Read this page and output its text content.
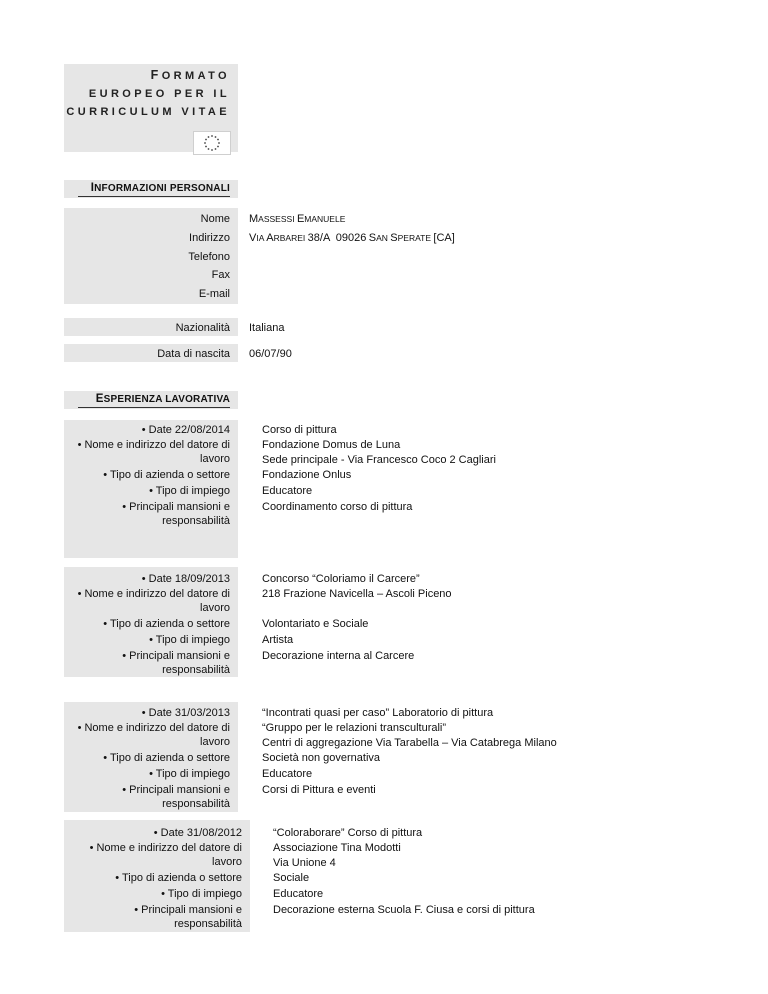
FORMATO
EUROPEO PER IL
CURRICULUM VITAE
INFORMAZIONI PERSONALI
Nome
Indirizzo
Telefono
Fax
E-mail
MASSESSI EMANUELE
VIA ARBAREI 38/A  09026 SAN SPERATE [CA]
Nazionalità Italiana
Data di nascita 06/07/90
ESPERIENZA LAVORATIVA
• Date 22/08/2014
• Nome e indirizzo del datore di
lavoro
• Tipo di azienda o settore
• Tipo di impiego
• Principali mansioni e
responsabilità
Corso di pittura
Fondazione Domus de Luna
Sede principale - Via Francesco Coco 2 Cagliari
Fondazione Onlus
Educatore
Coordinamento corso di pittura
• Date 18/09/2013
• Nome e indirizzo del datore di
lavoro
• Tipo di azienda o settore
• Tipo di impiego
• Principali mansioni e
responsabilità
Concorso “Coloriamo il Carcere”
218 Frazione Navicella – Ascoli Piceno
Volontariato e Sociale
Artista
Decorazione interna al Carcere
• Date 31/03/2013
• Nome e indirizzo del datore di
lavoro
• Tipo di azienda o settore
• Tipo di impiego
• Principali mansioni e
responsabilità
“Incontrati quasi per caso” Laboratorio di pittura
“Gruppo per le relazioni transculturali”
Centri di aggregazione Via Tarabella – Via Catabrega Milano
Società non governativa
Educatore
Corsi di Pittura e eventi
• Date 31/08/2012
• Nome e indirizzo del datore di
lavoro
• Tipo di azienda o settore
• Tipo di impiego
• Principali mansioni e
responsabilità
“Coloraborare” Corso di pittura
Associazione Tina Modotti
Via Unione 4
Sociale
Educatore
Decorazione esterna Scuola F. Ciusa e corsi di pittura
